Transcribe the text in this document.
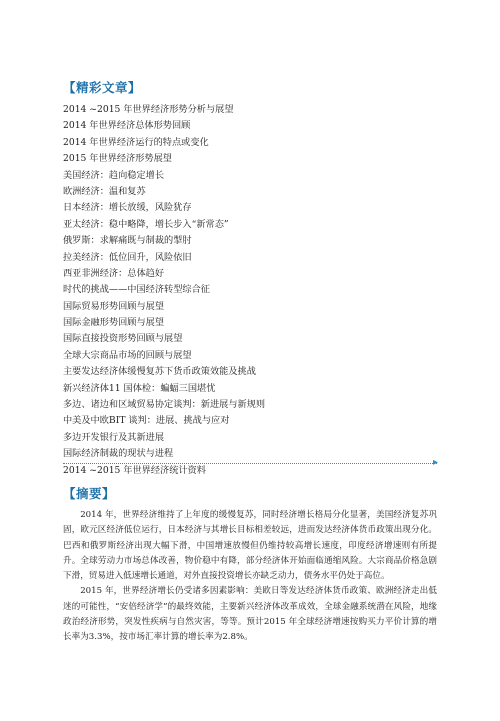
【精彩文章】
2014 ~2015 年世界经济形势分析与展望
2014 年世界经济总体形势回顾
2014 年世界经济运行的特点或变化
2015 年世界经济形势展望
美国经济：趋向稳定增长
欧洲经济：温和复苏
日本经济：增长放缓，风险犹存
亚太经济：稳中略降，增长步入“新常态”
俄罗斯：求解痛既与制裁的掣肘
拉美经济：低位回升，风险依旧
西亚非洲经济：总体趋好
时代的挑战——中国经济转型综合征
国际贸易形势回顾与展望
国际金融形势回顾与展望
国际直接投资形势回顾与展望
全球大宗商品市场的回顾与展望
主要发达经济体缓慢复苏下货币政策效能及挑战
新兴经济体11 国体检：蝙蝠三国堪忧
多边、诸边和区域贸易协定谈判：新进展与新规则
中美及中欧BIT 谈判：进展、挑战与应对
多边开发银行及其新进展
国际经济制裁的现状与进程
2014 ~2015 年世界经济统计资料
▸
【摘要】

2014 年，世界经济维持了上年度的缓慢复苏，同时经济增长格局分化显著，美国经济复苏巩固，欧元区经济低位运行，日本经济与其增长目标相差较远，进而发达经济体货币政策出现分化。巴西和俄罗斯经济出现大幅下滑，中国增速放慢但仍维持较高增长速度，印度经济增速则有所提升。全球劳动力市场总体改善，物价稳中有降，部分经济体开始面临通缩风险。大宗商品价格急剧下滑，贸易进入低速增长通道，对外直接投资增长亦缺乏动力，债务水平仍处于高位。

2015 年，世界经济增长仍受诸多因素影响：美欧日等发达经济体货币政策、欧洲经济走出低迷的可能性，“安倍经济学”的最终效能，主要新兴经济体改革成效，全球金融系统潜在风险，地缘政治经济形势，突发性疾病与自然灾害，等等。预计2015 年全球经济增速按购买力平价计算的增长率为3.3%，按市场汇率计算的增长率为2.8%。
